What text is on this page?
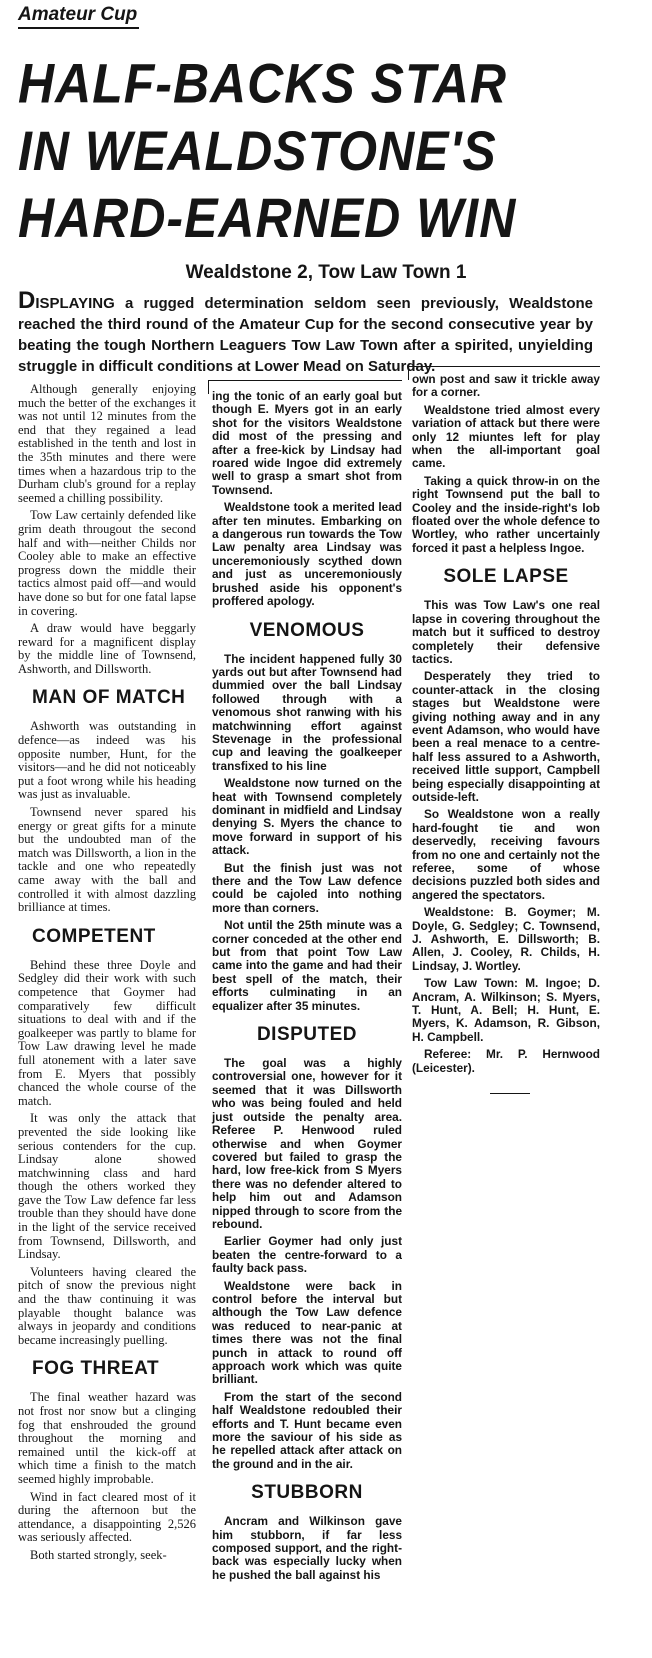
Amateur Cup
HALF-BACKS STAR
IN WEALDSTONE'S
HARD-EARNED WIN
Wealdstone 2, Tow Law Town 1
DISPLAYING a rugged determination seldom seen previously, Wealdstone reached the third round of the Amateur Cup for the second consecutive year by beating the tough Northern Leaguers Tow Law Town after a spirited, unyielding struggle in difficult conditions at Lower Mead on Saturday.

Although generally enjoying much the better of the exchanges it was not until 12 minutes from the end that they regained a lead established in the tenth and lost in the 35th minutes and there were times when a hazardous trip to the Durham club's ground for a replay seemed a chilling possibility.

Tow Law certainly defended like grim death througout the second half and with—neither Childs nor Cooley able to make an effective progress down the middle their tactics almost paid off—and would have done so but for one fatal lapse in covering.

A draw would have beggarly reward for a magnificent display by the middle line of Townsend, Ashworth, and Dillsworth.

MAN OF MATCH

Ashworth was outstanding in defence—as indeed was his opposite number, Hunt, for the visitors—and he did not noticeably put a foot wrong while his heading was just as invaluable.

Townsend never spared his energy or great gifts for a minute but the undoubted man of the match was Dillsworth, a lion in the tackle and one who repeatedly came away with the ball and controlled it with almost dazzling brilliance at times.

COMPETENT

Behind these three Doyle and Sedgley did their work with such competence that Goymer had comparatively few difficult situations to deal with and if the goalkeeper was partly to blame for Tow Law drawing level he made full atonement with a later save from E. Myers that possibly chanced the whole course of the match.

It was only the attack that prevented the side looking like serious contenders for the cup. Lindsay alone showed matchwinning class and hard though the others worked they gave the Tow Law defence far less trouble than they should have done in the light of the service received from Townsend, Dillsworth, and Lindsay.

Volunteers having cleared the pitch of snow the previous night and the thaw continuing it was playable thought balance was always in jeopardy and conditions became increasingly puelling.

FOG THREAT

The final weather hazard was not frost nor snow but a clinging fog that enshrouded the ground throughout the morning and remained until the kick-off at which time a finish to the match seemed highly improbable.

Wind in fact cleared most of it during the afternoon but the attendance, a disappointing 2,526 was seriously affected.

Both started strongly, seek-

ing the tonic of an early goal but though E. Myers got in an early shot for the visitors Wealdstone did most of the pressing and after a free-kick by Lindsay had roared wide Ingoe did extremely well to grasp a smart shot from Townsend.

Wealdstone took a merited lead after ten minutes. Embarking on a dangerous run towards the Tow Law penalty area Lindsay was unceremoniously scythed down and just as unceremoniously brushed aside his opponent's proffered apology.

VENOMOUS

The incident happened fully 30 yards out but after Townsend had dummied over the ball Lindsay followed through with a venomous shot ranwing with his matchwinning effort against Stevenage in the professional cup and leaving the goalkeeper transfixed to his line

Wealdstone now turned on the heat with Townsend completely dominant in midfield and Lindsay denying S. Myers the chance to move forward in support of his attack.

But the finish just was not there and the Tow Law defence could be cajoled into nothing more than corners.

Not until the 25th minute was a corner conceded at the other end but from that point Tow Law came into the game and had their best spell of the match, their efforts culminating in an equalizer after 35 minutes.

DISPUTED

The goal was a highly controversial one, however for it seemed that it was Dillsworth who was being fouled and held just outside the penalty area. Referee P. Henwood ruled otherwise and when Goymer covered but failed to grasp the hard, low free-kick from S Myers there was no defender altered to help him out and Adamson nipped through to score from the rebound.

Earlier Goymer had only just beaten the centre-forward to a faulty back pass.

Wealdstone were back in control before the interval but although the Tow Law defence was reduced to near-panic at times there was not the final punch in attack to round off approach work which was quite brilliant.

From the start of the second half Wealdstone redoubled their efforts and T. Hunt became even more the saviour of his side as he repelled attack after attack on the ground and in the air.

STUBBORN

Ancram and Wilkinson gave him stubborn, if far less composed support, and the right-back was especially lucky when he pushed the ball against his

own post and saw it trickle away for a corner.

Wealdstone tried almost every variation of attack but there were only 12 miuntes left for play when the all-important goal came.

Taking a quick throw-in on the right Townsend put the ball to Cooley and the inside-right's lob floated over the whole defence to Wortley, who rather uncertainly forced it past a helpless Ingoe.

SOLE LAPSE

This was Tow Law's one real lapse in covering throughout the match but it sufficed to destroy completely their defensive tactics.

Desperately they tried to counter-attack in the closing stages but Wealdstone were giving nothing away and in any event Adamson, who would have been a real menace to a centre-half less assured to a Ashworth, received little support, Campbell being especially disappointing at outside-left.

So Wealdstone won a really hard-fought tie and won deservedly, receiving favours from no one and certainly not the referee, some of whose decisions puzzled both sides and angered the spectators.

Wealdstone: B. Goymer; M. Doyle, G. Sedgley; C. Townsend, J. Ashworth, E. Dillsworth; B. Allen, J. Cooley, R. Childs, H. Lindsay, J. Wortley.

Tow Law Town: M. Ingoe; D. Ancram, A. Wilkinson; S. Myers, T. Hunt, A. Bell; H. Hunt, E. Myers, K. Adamson, R. Gibson, H. Campbell.

Referee: Mr. P. Hernwood (Leicester).
